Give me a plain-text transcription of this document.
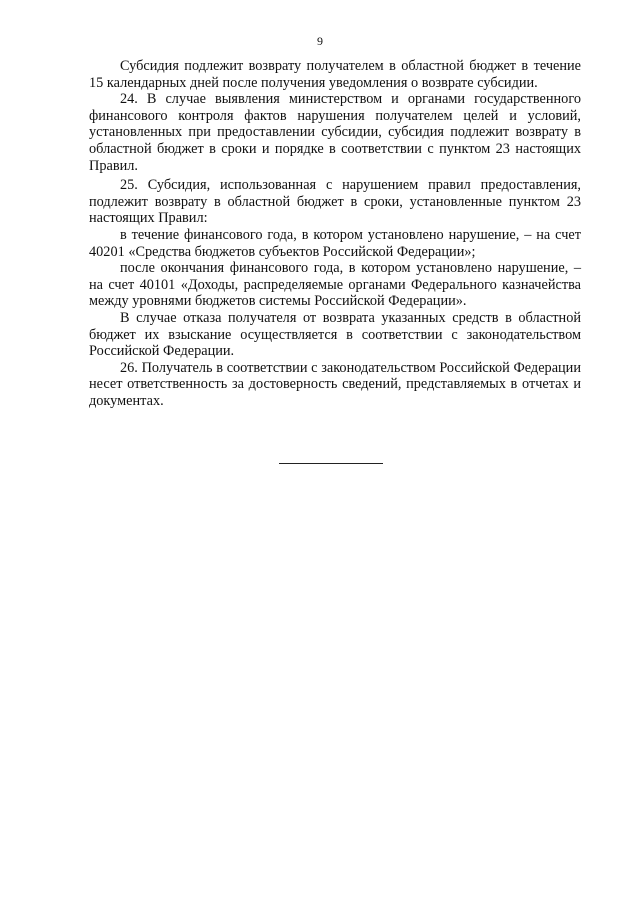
9

Субсидия подлежит возврату получателем в областной бюджет в течение 15 календарных дней после получения уведомления о возврате субсидии.

24. В случае выявления министерством и органами государственного финансового контроля фактов нарушения получателем целей и условий, установленных при предоставлении субсидии, субсидия подлежит возврату в областной бюджет в сроки и порядке в соответствии с пунктом 23 настоящих Правил.

25. Субсидия, использованная с нарушением правил предоставления, подлежит возврату в областной бюджет в сроки, установленные пунктом 23 настоящих Правил:

в течение финансового года, в котором установлено нарушение, – на счет 40201 «Средства бюджетов субъектов Российской Федерации»;

после окончания финансового года, в котором установлено нарушение, – на счет 40101 «Доходы, распределяемые органами Федерального казначейства между уровнями бюджетов системы Российской Федерации».

В случае отказа получателя от возврата указанных средств в областной бюджет их взыскание осуществляется в соответствии с законодательством Российской Федерации.

26. Получатель в соответствии с законодательством Российской Федерации несет ответственность за достоверность сведений, представляемых в отчетах и документах.
